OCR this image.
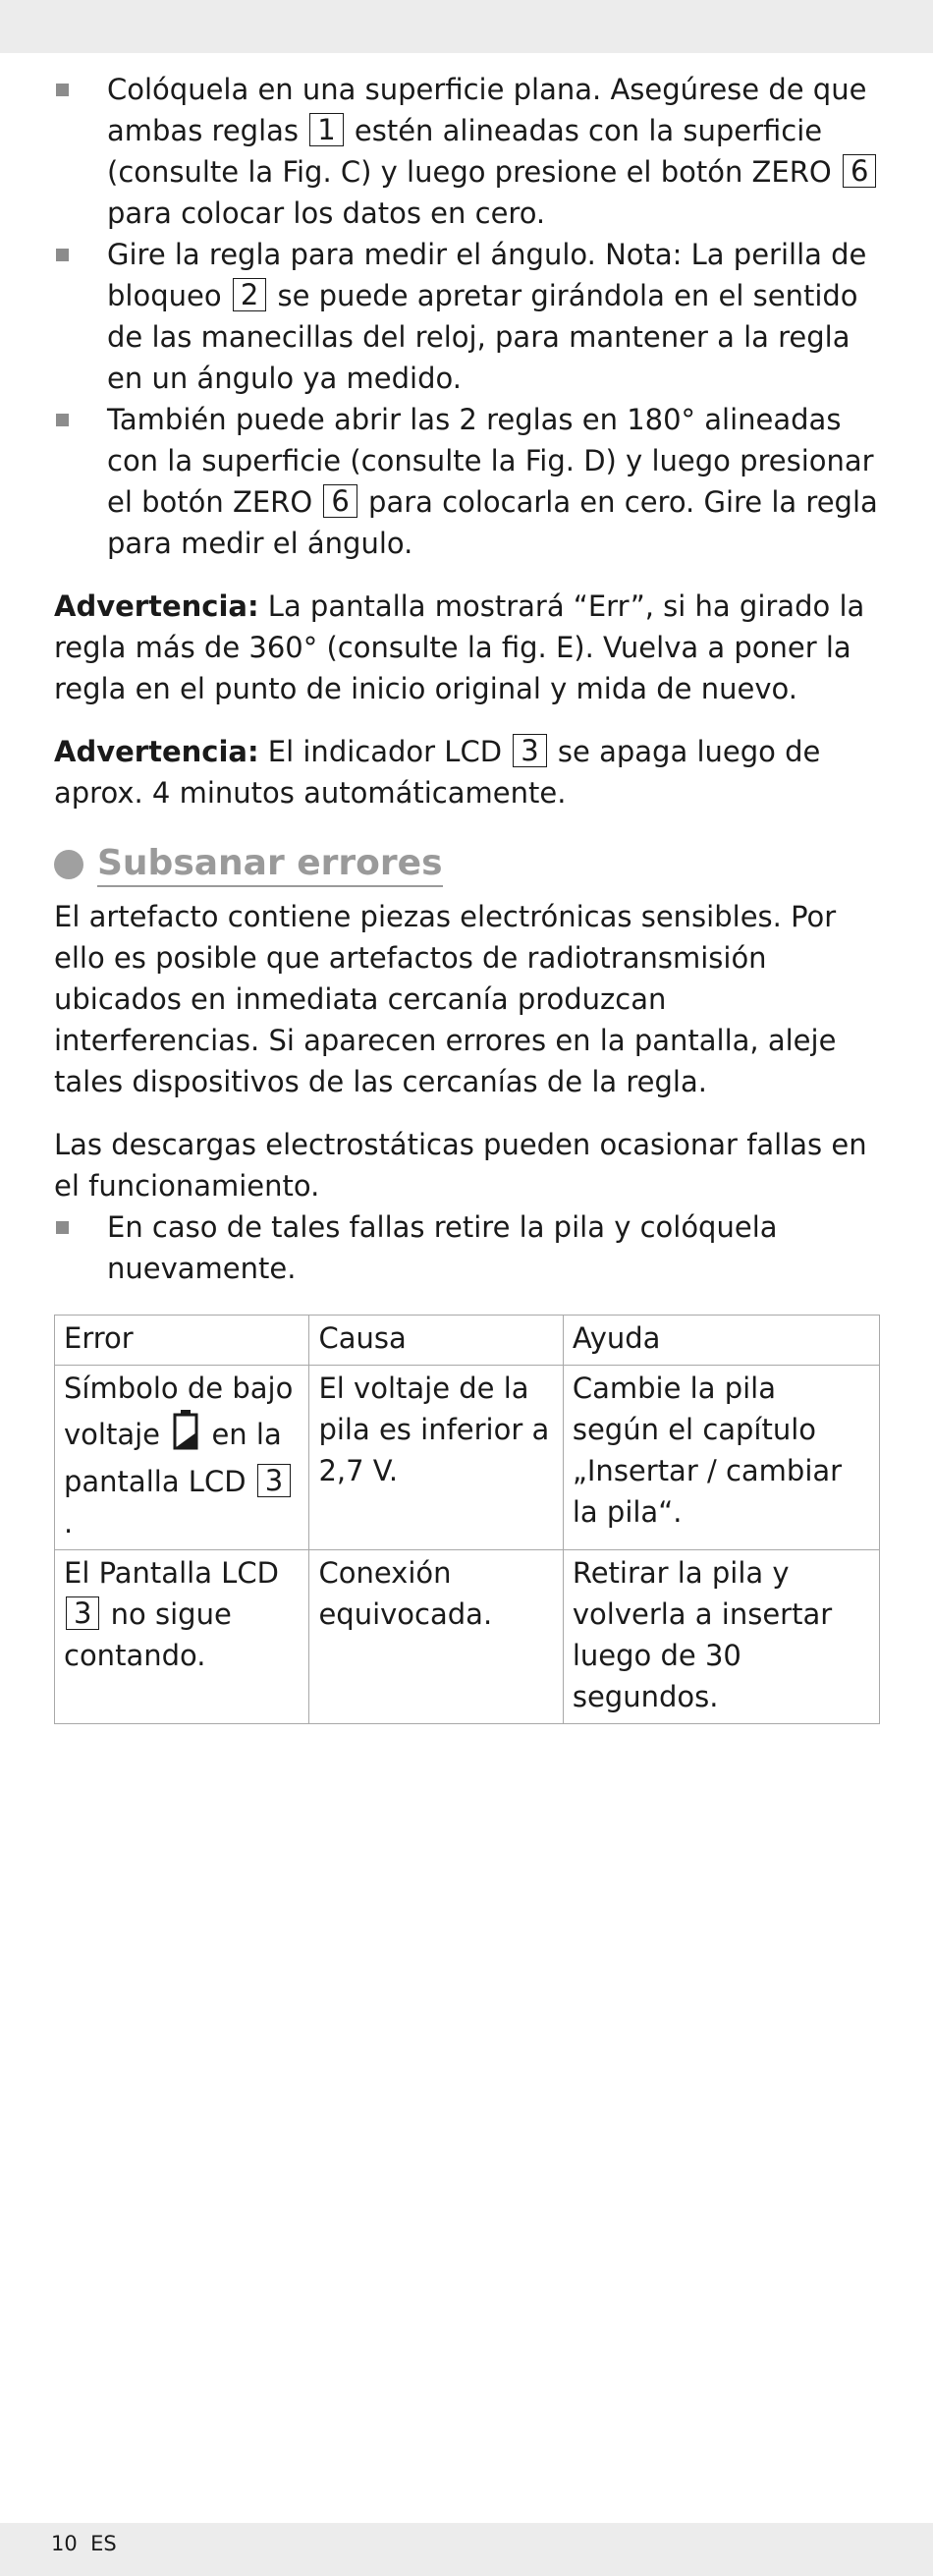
Colóquela en una superficie plana. Asegúrese de que ambas reglas 1 estén alineadas con la superficie (consulte la Fig. C) y luego presione el botón ZERO 6 para colocar los datos en cero.

Gire la regla para medir el ángulo. Nota: La perilla de bloqueo 2 se puede apretar girándola en el sentido de las manecillas del reloj, para mantener a la regla en un ángulo ya medido.

También puede abrir las 2 reglas en 180° alineadas con la superficie (consulte la Fig. D) y luego presionar el botón ZERO 6 para colocarla en cero. Gire la regla para medir el ángulo.

Advertencia: La pantalla mostrará “Err”, si ha girado la regla más de 360° (consulte la fig. E). Vuelva a poner la regla en el punto de inicio original y mida de nuevo.

Advertencia: El indicador LCD 3 se apaga luego de aprox. 4 minutos automáticamente.

Subsanar errores

El artefacto contiene piezas electrónicas sensibles. Por ello es posible que artefactos de radiotransmisión ubicados en inmediata cercanía produzcan interferencias. Si aparecen errores en la pantalla, aleje tales dispositivos de las cercanías de la regla.

Las descargas electrostáticas pueden ocasionar fallas en el funcionamiento.

En caso de tales fallas retire la pila y colóquela nuevamente.

Error	Causa	Ayuda
Símbolo de bajo voltaje  en la pantalla LCD 3.	El voltaje de la pila es inferior a 2,7 V.	Cambie la pila según el capítulo „Insertar / cambiar la pila“.
El Pantalla LCD 3 no sigue contando.	Conexión equivocada.	Retirar la pila y volverla a insertar luego de 30 segundos.
10 ES
